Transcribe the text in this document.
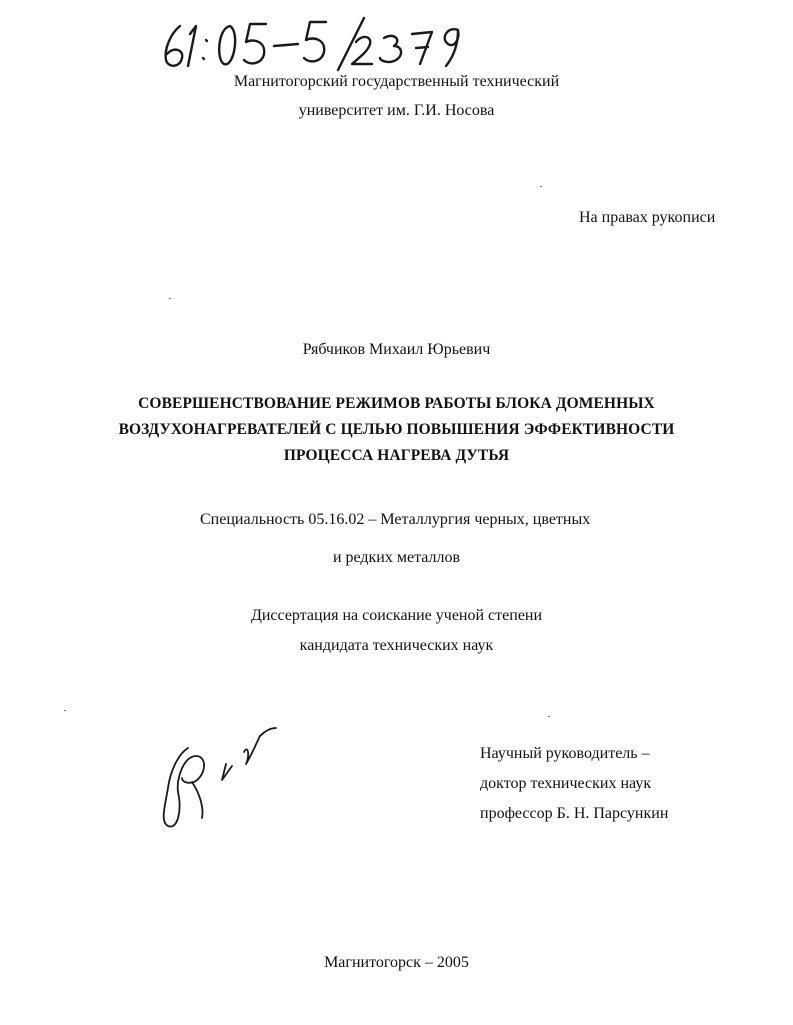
Магнитогорский государственный технический
университет им. Г.И. Носова
На правах рукописи
Рябчиков Михаил Юрьевич
СОВЕРШЕНСТВОВАНИЕ РЕЖИМОВ РАБОТЫ БЛОКА ДОМЕННЫХ
ВОЗДУХОНАГРЕВАТЕЛЕЙ С ЦЕЛЬЮ ПОВЫШЕНИЯ ЭФФЕКТИВНОСТИ
ПРОЦЕССА НАГРЕВА ДУТЬЯ
Специальность 05.16.02 – Металлургия черных, цветных
и редких металлов
Диссертация на соискание ученой степени
кандидата технических наук
Научный руководитель –
доктор технических наук
профессор Б. Н. Парсункин
Магнитогорск – 2005
